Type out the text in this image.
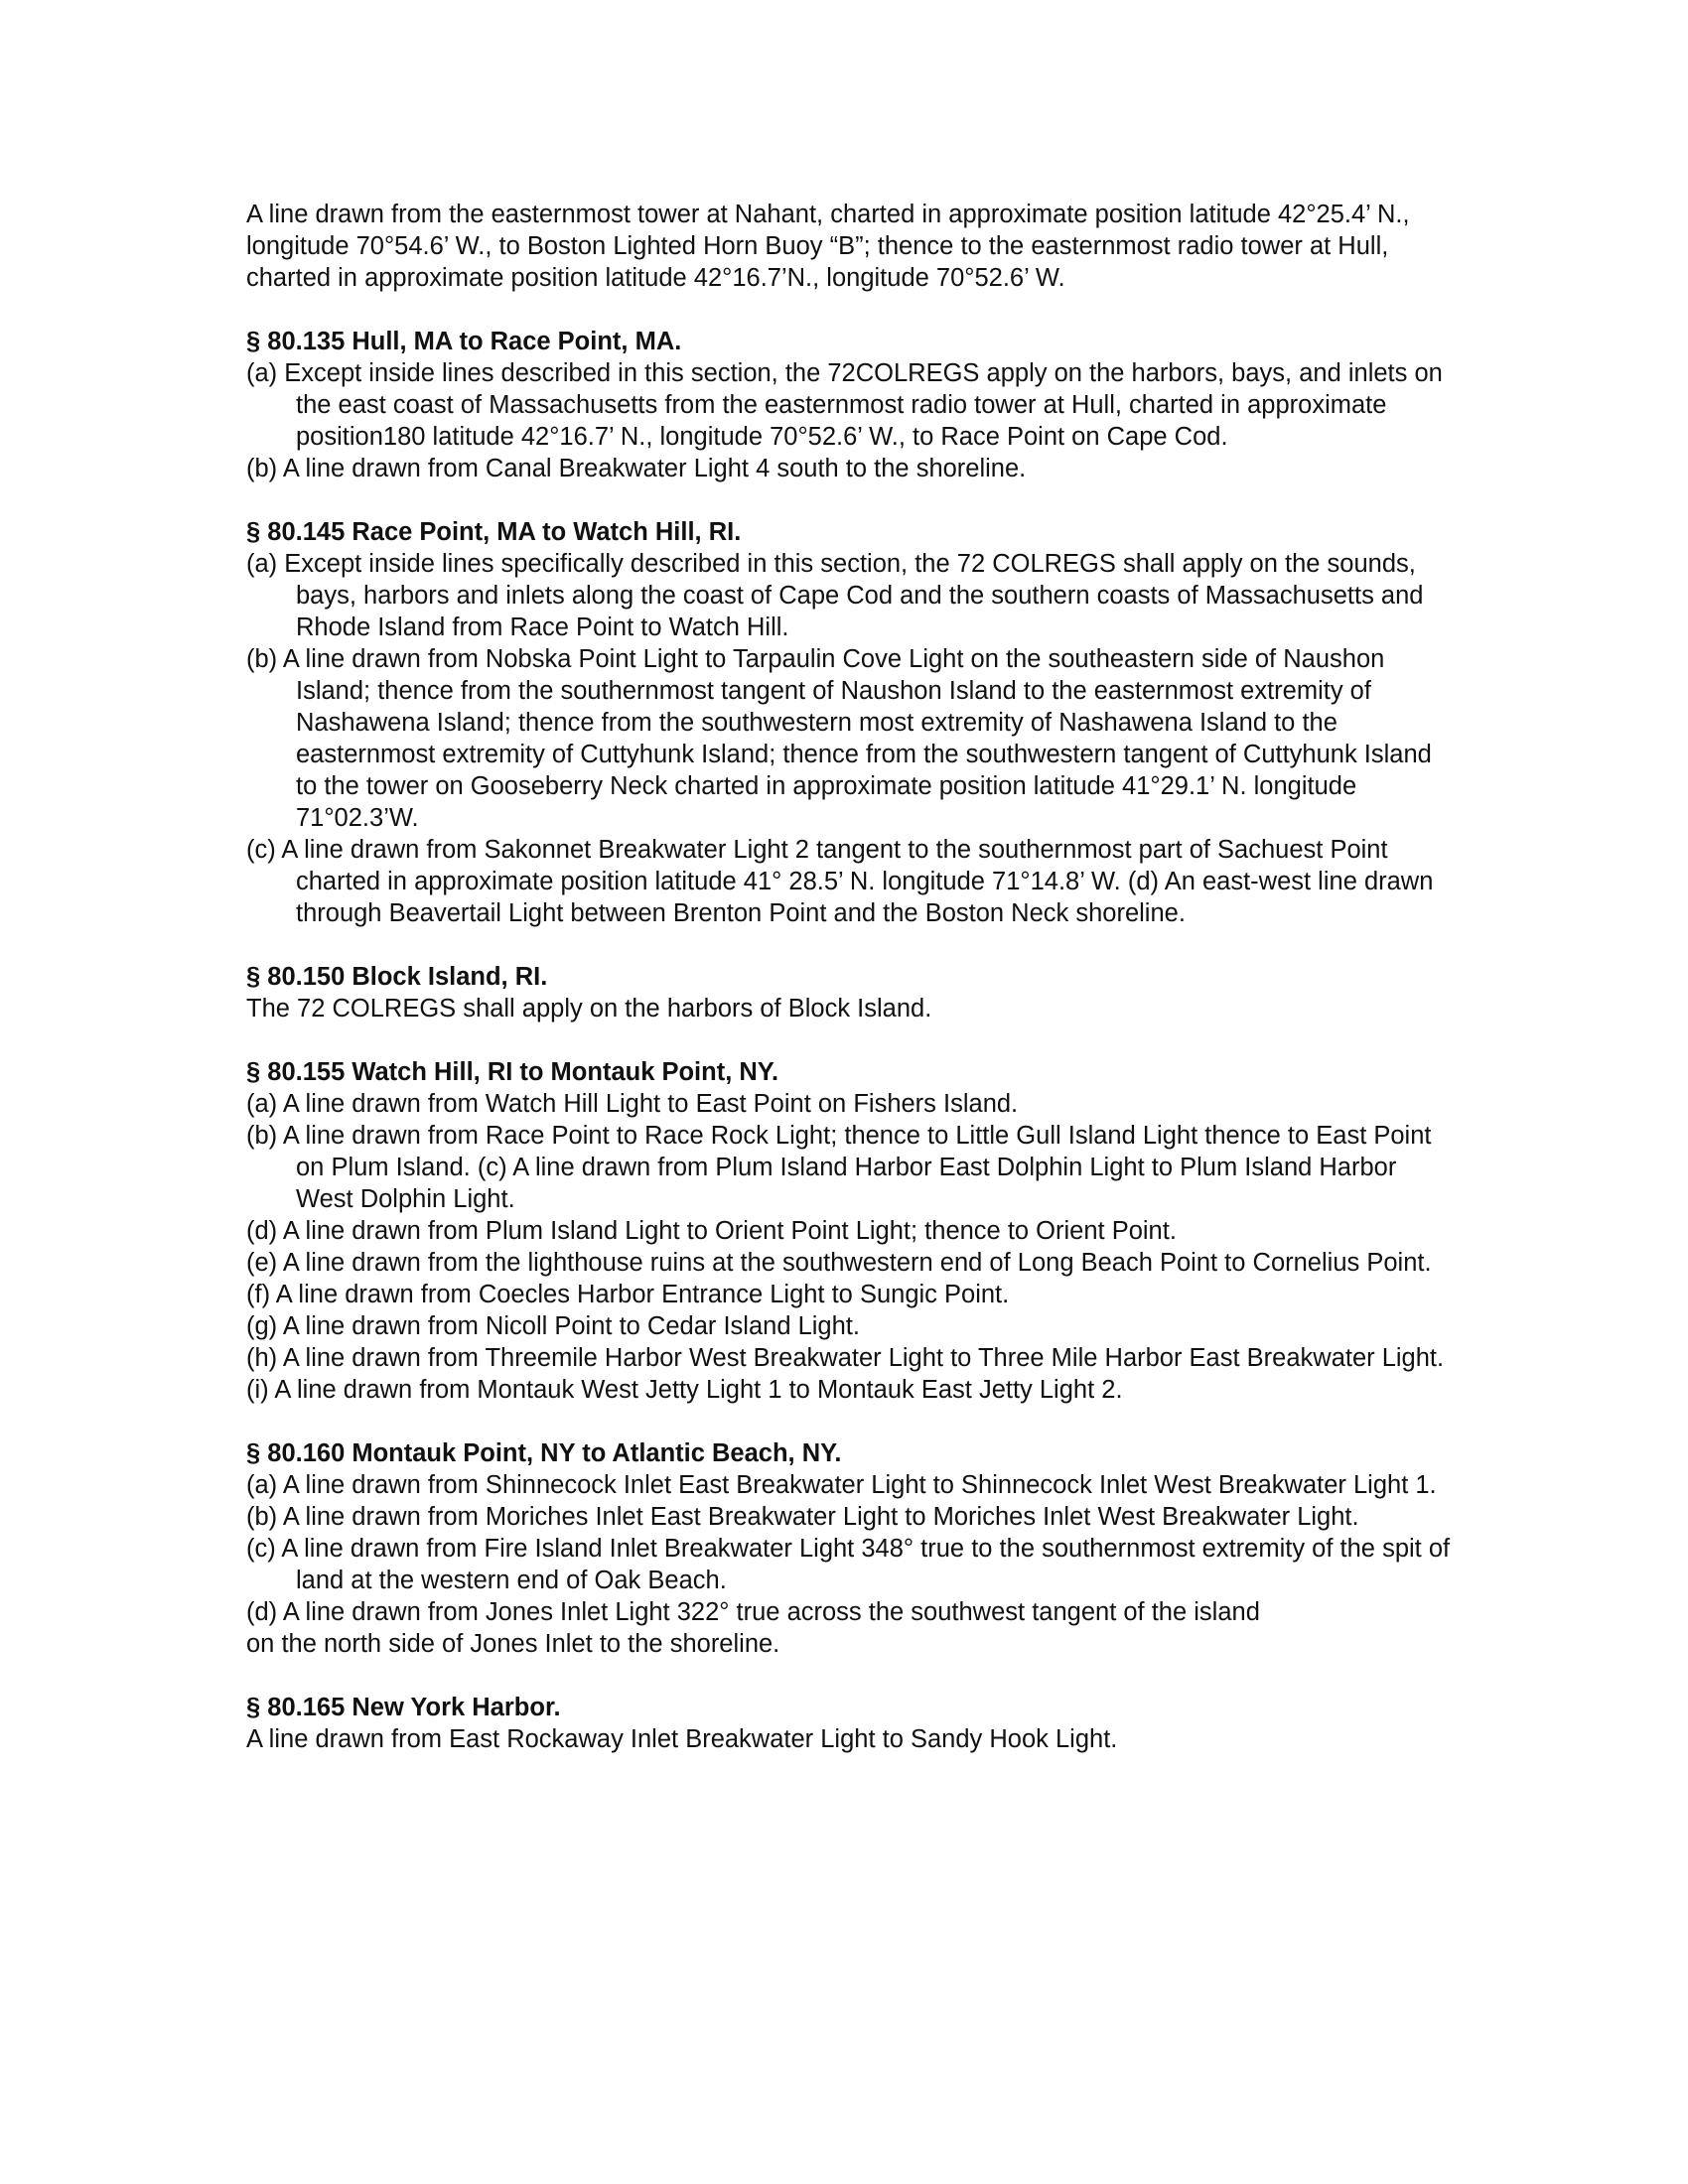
A line drawn from the easternmost tower at Nahant, charted in approximate position latitude 42°25.4’ N., longitude 70°54.6’ W., to Boston Lighted Horn Buoy “B”; thence to the easternmost radio tower at Hull, charted in approximate position latitude 42°16.7’N., longitude 70°52.6’ W.

§ 80.135 Hull, MA to Race Point, MA.

(a) Except inside lines described in this section, the 72COLREGS apply on the harbors, bays, and inlets on the east coast of Massachusetts from the easternmost radio tower at Hull, charted in approximate position180 latitude 42°16.7’ N., longitude 70°52.6’ W., to Race Point on Cape Cod.

(b) A line drawn from Canal Breakwater Light 4 south to the shoreline.

§ 80.145 Race Point, MA to Watch Hill, RI.

(a) Except inside lines specifically described in this section, the 72 COLREGS shall apply on the sounds, bays, harbors and inlets along the coast of Cape Cod and the southern coasts of Massachusetts and Rhode Island from Race Point to Watch Hill.

(b) A line drawn from Nobska Point Light to Tarpaulin Cove Light on the southeastern side of Naushon Island; thence from the southernmost tangent of Naushon Island to the easternmost extremity of Nashawena Island; thence from the southwestern most extremity of Nashawena Island to the easternmost extremity of Cuttyhunk Island; thence from the southwestern tangent of Cuttyhunk Island to the tower on Gooseberry Neck charted in approximate position latitude 41°29.1’ N. longitude 71°02.3’W.

(c) A line drawn from Sakonnet Breakwater Light 2 tangent to the southernmost part of Sachuest Point charted in approximate position latitude 41° 28.5’ N. longitude 71°14.8’ W. (d) An east-west line drawn through Beavertail Light between Brenton Point and the Boston Neck shoreline.

§ 80.150 Block Island, RI.

The 72 COLREGS shall apply on the harbors of Block Island.

§ 80.155 Watch Hill, RI to Montauk Point, NY.

(a) A line drawn from Watch Hill Light to East Point on Fishers Island.

(b) A line drawn from Race Point to Race Rock Light; thence to Little Gull Island Light thence to East Point on Plum Island. (c) A line drawn from Plum Island Harbor East Dolphin Light to Plum Island Harbor West Dolphin Light.

(d) A line drawn from Plum Island Light to Orient Point Light; thence to Orient Point.

(e) A line drawn from the lighthouse ruins at the southwestern end of Long Beach Point to Cornelius Point.

(f) A line drawn from Coecles Harbor Entrance Light to Sungic Point.

(g) A line drawn from Nicoll Point to Cedar Island Light.

(h) A line drawn from Threemile Harbor West Breakwater Light to Three Mile Harbor East Breakwater Light.

(i) A line drawn from Montauk West Jetty Light 1 to Montauk East Jetty Light 2.

§ 80.160 Montauk Point, NY to Atlantic Beach, NY.

(a) A line drawn from Shinnecock Inlet East Breakwater Light to Shinnecock Inlet West Breakwater Light 1.

(b) A line drawn from Moriches Inlet East Breakwater Light to Moriches Inlet West Breakwater Light.

(c) A line drawn from Fire Island Inlet Breakwater Light 348° true to the southernmost extremity of the spit of land at the western end of Oak Beach.

(d) A line drawn from Jones Inlet Light 322° true across the southwest tangent of the island

on the north side of Jones Inlet to the shoreline.

§ 80.165 New York Harbor.

A line drawn from East Rockaway Inlet Breakwater Light to Sandy Hook Light.
